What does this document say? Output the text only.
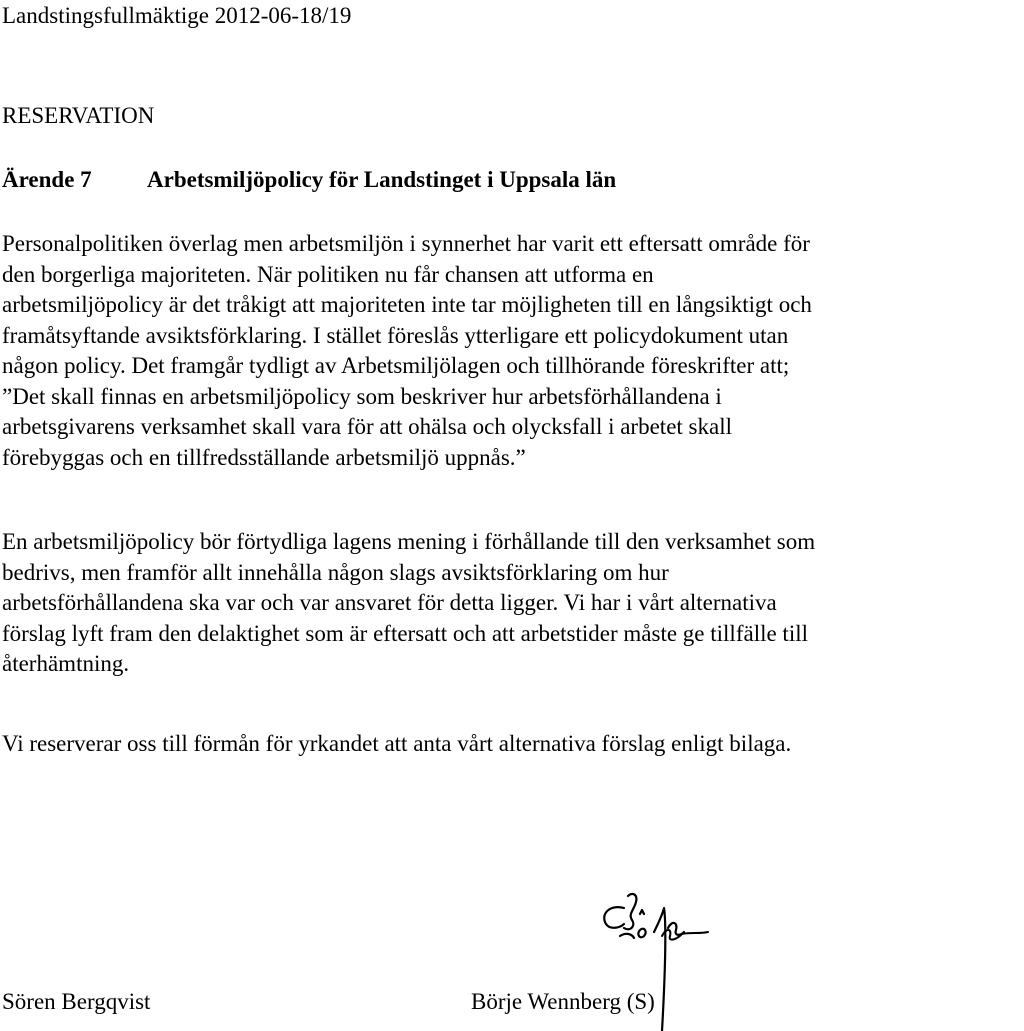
Landstingsfullmäktige 2012-06-18/19
RESERVATION
Ärende 7 Arbetsmiljöpolicy för Landstinget i Uppsala län
Personalpolitiken överlag men arbetsmiljön i synnerhet har varit ett eftersatt område för
den borgerliga majoriteten. När politiken nu får chansen att utforma en
arbetsmiljöpolicy är det tråkigt att majoriteten inte tar möjligheten till en långsiktigt och
framåtsyftande avsiktsförklaring. I stället föreslås ytterligare ett policydokument utan
någon policy. Det framgår tydligt av Arbetsmiljölagen och tillhörande föreskrifter att;
”Det skall finnas en arbetsmiljöpolicy som beskriver hur arbetsförhållandena i
arbetsgivarens verksamhet skall vara för att ohälsa och olycksfall i arbetet skall
förebyggas och en tillfredsställande arbetsmiljö uppnås.”
En arbetsmiljöpolicy bör förtydliga lagens mening i förhållande till den verksamhet som
bedrivs, men framför allt innehålla någon slags avsiktsförklaring om hur
arbetsförhållandena ska var och var ansvaret för detta ligger. Vi har i vårt alternativa
förslag lyft fram den delaktighet som är eftersatt och att arbetstider måste ge tillfälle till
återhämtning.
Vi reserverar oss till förmån för yrkandet att anta vårt alternativa förslag enligt bilaga.
Sören Bergqvist	Börje Wennberg (S)
